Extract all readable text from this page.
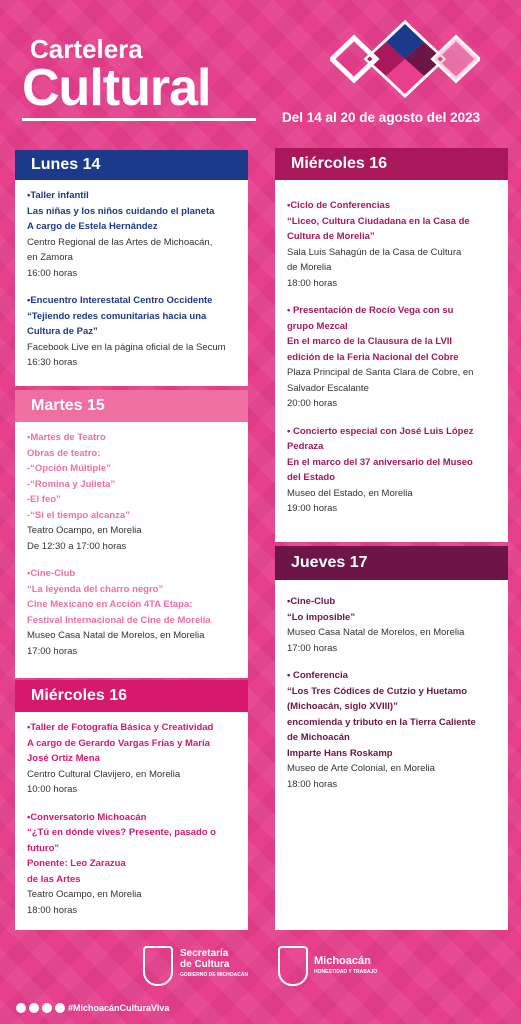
Cartelera
Cultural
Del 14 al 20 de agosto del 2023
Lunes 14
•Taller infantil
Las niñas y los niños cuidando el planeta
A cargo de Estela Hernández
Centro Regional de las Artes de Michoacán,
en Zamora
16:00 horas
•Encuentro Interestatal Centro Occidente
“Tejiendo redes comunitarias hacia una
Cultura de Paz”
Facebook Live en la página oficial de la Secum
16:30 horas
Martes 15
•Martes de Teatro
Obras de teatro:
-“Opción Múltiple”
-“Romina y Julieta”
-El feo”
-“Si el tiempo alcanza”
Teatro Ocampo, en Morelia
De 12:30 a 17:00 horas
•Cine-Club
“La leyenda del charro negro”
Cine Mexicano en Acción 4TA Etapa:
Festival Internacional de Cine de Morelia
Museo Casa Natal de Morelos, en Morelia
17:00 horas
Miércoles 16
•Taller de Fotografía Básica y Creatividad
A cargo de Gerardo Vargas Frías y María
José Ortiz Mena
Centro Cultural Clavijero, en Morelia
10:00 horas
•Conversatorio Michoacán
“¿Tú en dónde vives? Presente, pasado o
futuro”
Ponente: Leo Zarazua
de las Artes
Teatro Ocampo, en Morelia
18:00 horas
Miércoles 16
•Ciclo de Conferencias
“Liceo, Cultura Ciudadana en la Casa de
Cultura de Morelia”
Sala Luis Sahagún de la Casa de Cultura
de Morelia
18:00 horas
• Presentación de Rocío Vega con su
grupo Mezcal
En el marco de la Clausura de la LVII
edición de la Feria Nacional del Cobre
Plaza Principal de Santa Clara de Cobre, en
Salvador Escalante
20:00 horas
• Concierto especial con José Luis López
Pedraza
En el marco del 37 aniversario del Museo
del Estado
Museo del Estado, en Morelia
19:00 horas
Jueves 17
•Cine-Club
“Lo imposible”
Museo Casa Natal de Morelos, en Morelia
17:00 horas
• Conferencia
“Los Tres Códices de Cutzio y Huetamo
(Michoacán, siglo XVIII)”
encomienda y tributo en la Tierra Caliente
de Michoacán
Imparte Hans Roskamp
Museo de Arte Colonial, en Morelia
18:00 horas
Secretaría
de Cultura
GOBIERNO DE MICHOACÁN
Michoacán
HONESTIDAD Y TRABAJO
#MichoacánCulturaViva
